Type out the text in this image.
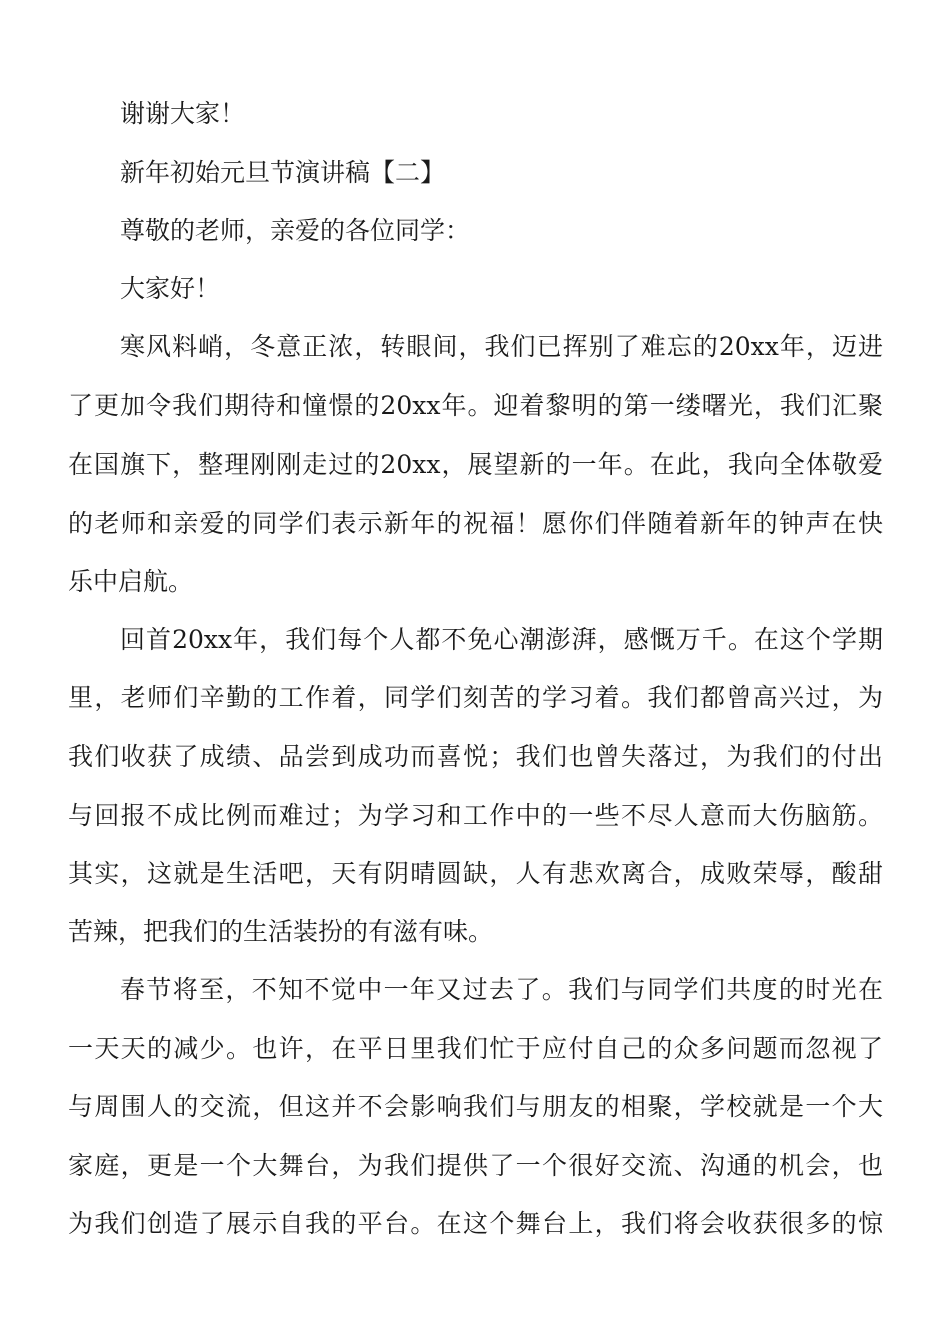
谢谢大家！
新年初始元旦节演讲稿【二】
尊敬的老师，亲爱的各位同学：
大家好！
寒风料峭，冬意正浓，转眼间，我们已挥别了难忘的20xx年，迈进
了更加令我们期待和憧憬的20xx年。迎着黎明的第一缕曙光，我们汇聚
在国旗下，整理刚刚走过的20xx，展望新的一年。在此，我向全体敬爱
的老师和亲爱的同学们表示新年的祝福！愿你们伴随着新年的钟声在快
乐中启航。
回首20xx年，我们每个人都不免心潮澎湃，感慨万千。在这个学期
里，老师们辛勤的工作着，同学们刻苦的学习着。我们都曾高兴过，为
我们收获了成绩、品尝到成功而喜悦；我们也曾失落过，为我们的付出
与回报不成比例而难过；为学习和工作中的一些不尽人意而大伤脑筋。
其实，这就是生活吧，天有阴晴圆缺，人有悲欢离合，成败荣辱，酸甜
苦辣，把我们的生活装扮的有滋有味。
春节将至，不知不觉中一年又过去了。我们与同学们共度的时光在
一天天的减少。也许，在平日里我们忙于应付自己的众多问题而忽视了
与周围人的交流，但这并不会影响我们与朋友的相聚，学校就是一个大
家庭，更是一个大舞台，为我们提供了一个很好交流、沟通的机会，也
为我们创造了展示自我的平台。在这个舞台上，我们将会收获很多的惊
